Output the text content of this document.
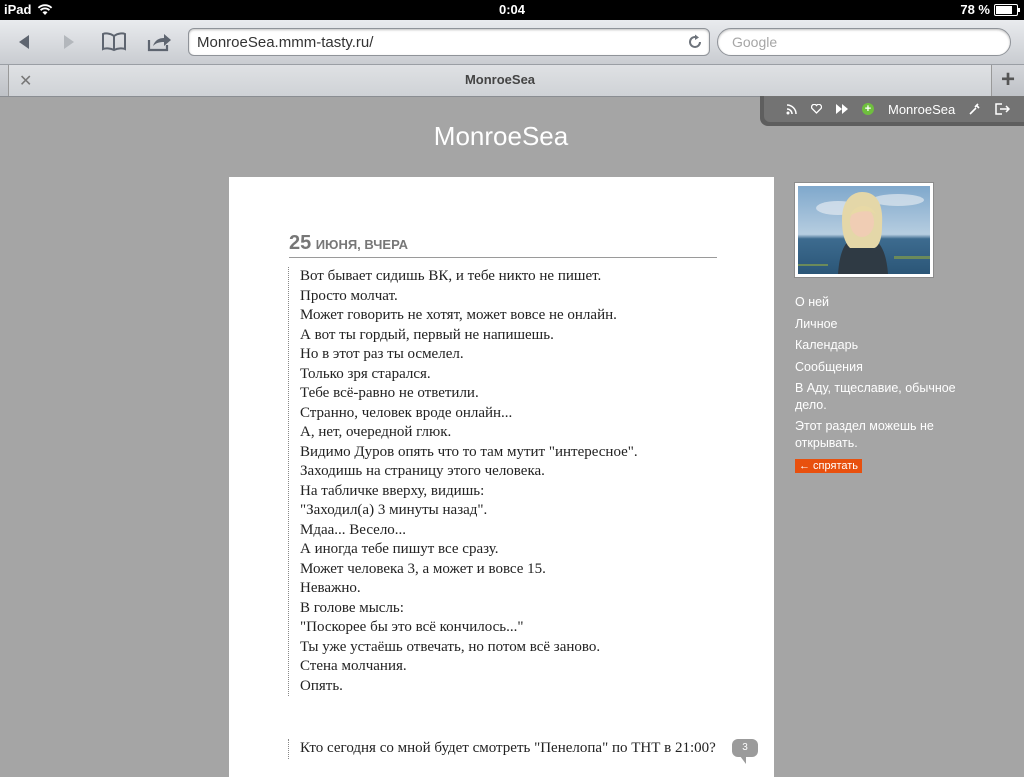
iPad	0:04	78 %
MonroeSea.mmm-tasty.ru/
Google
✕	MonroeSea	+
+ MonroeSea
MonroeSea
25 ИЮНЯ, ВЧЕРА
Вот бывает сидишь ВК, и тебе никто не пишет.
Просто молчат.
Может говорить не хотят, может вовсе не онлайн.
А вот ты гордый, первый не напишешь.
Но в этот раз ты осмелел.
Только зря старался.
Тебе всё-равно не ответили.
Странно, человек вроде онлайн...
А, нет, очередной глюк.
Видимо Дуров опять что то там мутит "интересное".
Заходишь на страницу этого человека.
На табличке вверху, видишь:
"Заходил(а) 3 минуты назад".
Мдаа... Весело...
А иногда тебе пишут все сразу.
Может человека 3, а может и вовсе 15.
Неважно.
В голове мысль:
"Поскорее бы это всё кончилось..."
Ты уже устаёшь отвечать, но потом всё заново.
Стена молчания.
Опять.
Кто сегодня со мной будет смотреть "Пенелопа" по ТНТ в 21:00?	3
О ней
Личное
Календарь
Сообщения
В Аду, тщеславие, обычное дело.
Этот раздел можешь не открывать.
← спрятать
